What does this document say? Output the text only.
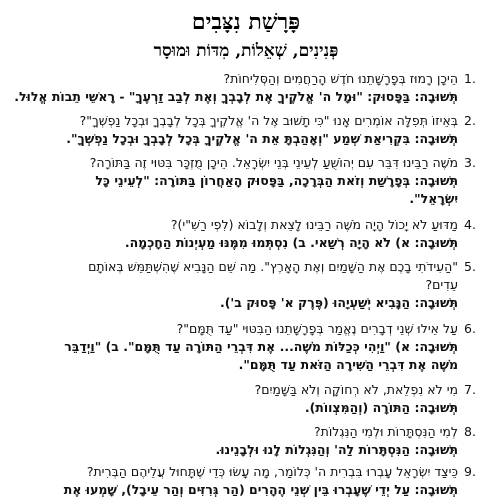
פָּרָשַׁת נִצָּבִים
פְּנִינִים, שְׁאֵלוֹת, מִדּוֹת וּמוּסָר
1.
הֵיכָן רָמוּז בְּפָרָשָׁתֵנוּ חֹדֶשׁ הָרַחֲמִים וְהַסְּלִיחוֹת?
תְּשׁוּבָה: בַּפָּסוּק: "וּמָל ה' אֱלֹקֶיךָ אֶת לְבָבְךָ וְאֶת לְבַב זַרְעֶךָ" - רָאשֵׁי תֵבוֹת אֱלוּל.
2.
בְּאֵיזוֹ תְּפִלָּה אוֹמְרִים אָנוּ "כִּי תָשׁוּב אֶל ה' אֱלֹקֶיךָ בְּכָל לְבָבְךָ וּבְכָל נַפְשְׁךָ"?
תְּשׁוּבָה: בִּקְרִיאַת שְׁמַע "וְאָהַבְתָּ אֵת ה' אֱלֹקֶיךָ בְּכָל לְבָבְךָ וּבְכָל נַפְשְׁךָ".
3.
מֹשֶׁה רַבֵּינוּ דִּבֵּר עִם יְהוֹשֻׁעַ לְעֵינֵי בְּנֵי יִשְׂרָאֵל. הֵיכָן מֻזְכָּר בִּטּוּי זֶה בַּתּוֹרָה?
תְּשׁוּבָה: בְּפָרָשַׁת וְזֹאת הַבְּרָכָה, בַּפָּסוּק הָאַחֲרוֹן בַּתּוֹרָה: "לְעֵינֵי כָּל
יִשְׂרָאֵל".
4.
מַדּוּעַ לֹא יָכוֹל הָיָה מֹשֶׁה רַבֵּינוּ לָצֵאת וְלָבוֹא (לִפְי רַשִׁ"י)?
תְּשׁוּבָה: א) לֹא הָיָה רְשַׁאי. ב) נִסְתְּמוּ מִמֶּנּוּ מַעְיְנוֹת הַחָכְמָה.
5.
"הַעִידֹתִי בָכֶם אֶת הַשָּׁמַיִם וְאֶת הָאָרֶץ". מַה שֵּׁם הַנָּבִיא שֶׁהִשְׁתַּמֵּשׁ בְּאוֹתָם
עֵדִים?
תְּשׁוּבָה: הַנָּבִיא יְשַׁעְיָהוּ (פֶּרֶק א' פָּסוּק ב').
6.
עַל אֵילוּ שְׁנֵי דְבָרִים נֶאֱמַר בְּפָרָשָׁתֵנוּ הַבִּטּוּי "עַד תֻּמָּם"?
תְּשׁוּבָה: א) "וַיְהִי כְּכַלּוֹת מֹשֶׁה... אֶת דִּבְרֵי הַתּוֹרָה עַד תֻּמָּם". ב) "וַיְדַבֵּר
מֹשֶׁה אֶת דִּבְרֵי הַשִּׁירָה הַזֹּאת עַד תֻּמָּם".
7.
מִי לֹא נִפְלֵאת, לֹא רְחוֹקָה וְלֹא בַּשָּׁמַיִם?
תְּשׁוּבָה: הַתּוֹרָה (וְהַמִּצְווֹת).
8.
לְמִי הַנִּסְתָּרוֹת וּלְמִי הַנִּגְלוֹת?
תְּשׁוּבָה: הַנִּסְתָּרוֹת לַה' וְהַנִּגְלוֹת לָנוּ וּלְבָנֵינוּ.
9.
כֵּיצַד יִשְׂרָאֵל עָבְרוּ בִּבְרִית ה' כְּלוֹמַר, מָה עָשׂוּ כְּדֵי שֶׁתָּחוּל עֲלֵיהֶם הַבְּרִית?
תְּשׁוּבָה: עַל יְדֵי שֶׁעָבְרוּ בֵּין שְׁנֵי הֶהָרִים (הַר גְּרִזִּים וְהַר עֵיבָל), שָׁמְעוּ אֶת
